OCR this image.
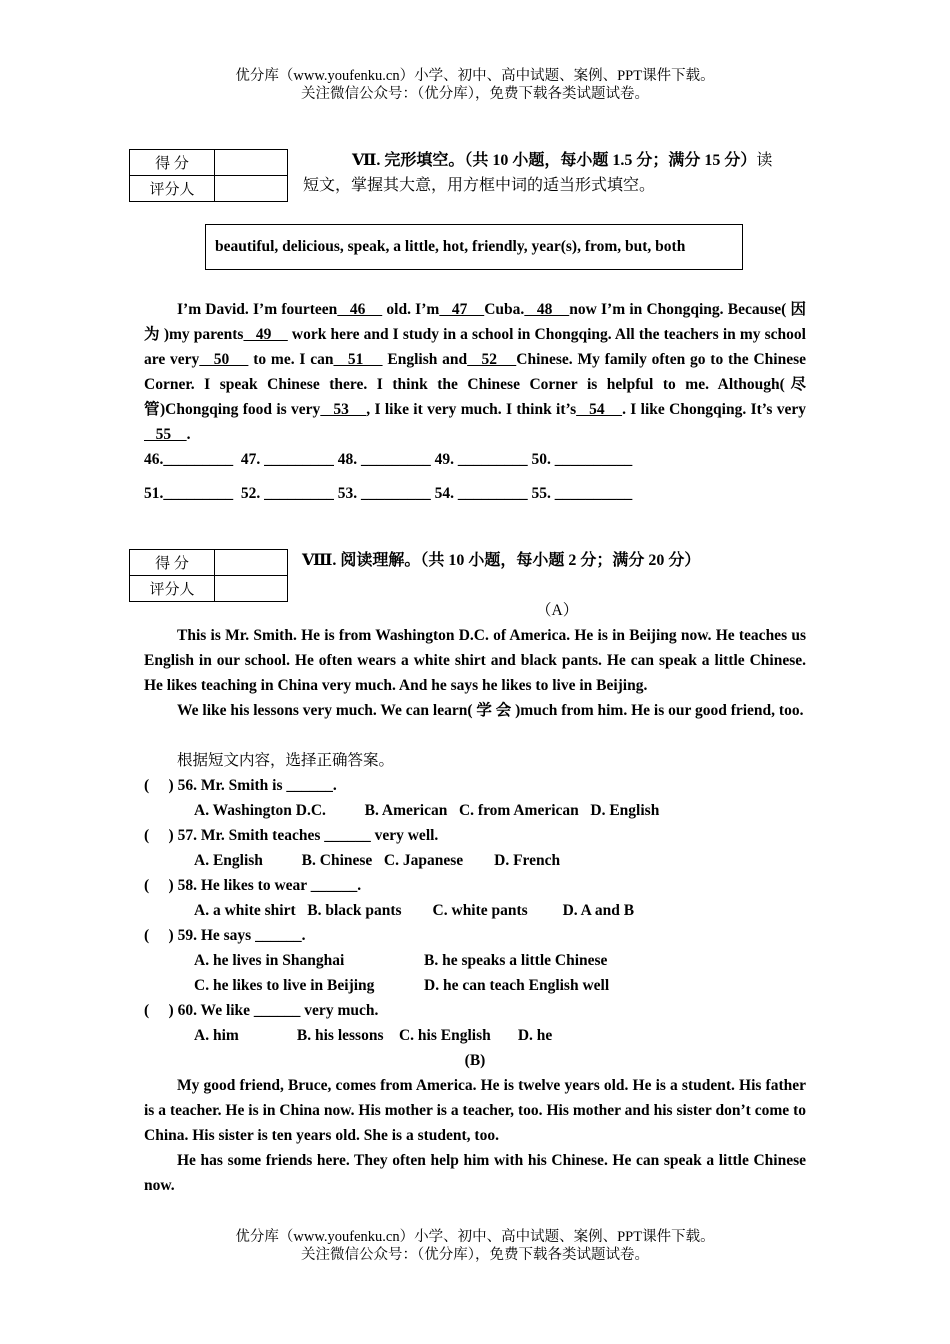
优分库（www.youfenku.cn）小学、初中、高中试题、案例、PPT课件下载。
关注微信公众号：（优分库），免费下载各类试题试卷。
得 分	
评分人	
Ⅶ. 完形填空。（共 10 小题，每小题 1.5 分；满分 15 分）读
短文，掌握其大意，用方框中词的适当形式填空。
beautiful, delicious, speak, a little, hot, friendly, year(s), from, but, both
I’m David. I’m fourteen   46     old. I’m   47    Cuba.   48    now I’m in Chongqing. Because( 因 为 )my parents   49     work here and I study in a school in Chongqing. All the teachers in my school are very   50     to me. I can   51     English and   52    Chinese. My family often go to the Chinese Corner. I speak Chinese there. I think the Chinese Corner is helpful to me. Although(尽管)Chongqing food is very   53    , I like it very much. I think it’s   54    . I like Chongqing. It’s very   55    .
46._________  47. _________ 48. _________ 49. _________ 50. __________
51._________  52. _________ 53. _________ 54. _________ 55. __________
得 分	
评分人	
Ⅷ. 阅读理解。（共 10 小题，每小题 2 分；满分 20 分）
（A）
This is Mr. Smith. He is from Washington D.C. of America. He is in Beijing now. He teaches us English in our school. He often wears a white shirt and black pants. He can speak a little Chinese. He likes teaching in China very much. And he says he likes to live in Beijing.
We like his lessons very much. We can learn( 学 会 )much from him. He is our good friend, too.
根据短文内容，选择正确答案。
(     ) 56. Mr. Smith is ______.
A. Washington D.C.          B. American   C. from American   D. English
(     ) 57. Mr. Smith teaches ______ very well.
A. English          B. Chinese   C. Japanese        D. French
(     ) 58. He likes to wear ______.
A. a white shirt   B. black pants        C. white pants         D. A and B
(     ) 59. He says ______.
A. he lives in Shanghai	B. he speaks a little Chinese
C. he likes to live in Beijing	D. he can teach English well
(     ) 60. We like ______ very much.
A. him               B. his lessons    C. his English       D. he
(B)
My good friend, Bruce, comes from America. He is twelve years old. He is a student. His father is a teacher. He is in China now. His mother is a teacher, too. His mother and his sister don’t come to China. His sister is ten years old. She is a student, too.
He has some friends here. They often help him with his Chinese. He can speak a little Chinese now.
优分库（www.youfenku.cn）小学、初中、高中试题、案例、PPT课件下载。
关注微信公众号：（优分库），免费下载各类试题试卷。
